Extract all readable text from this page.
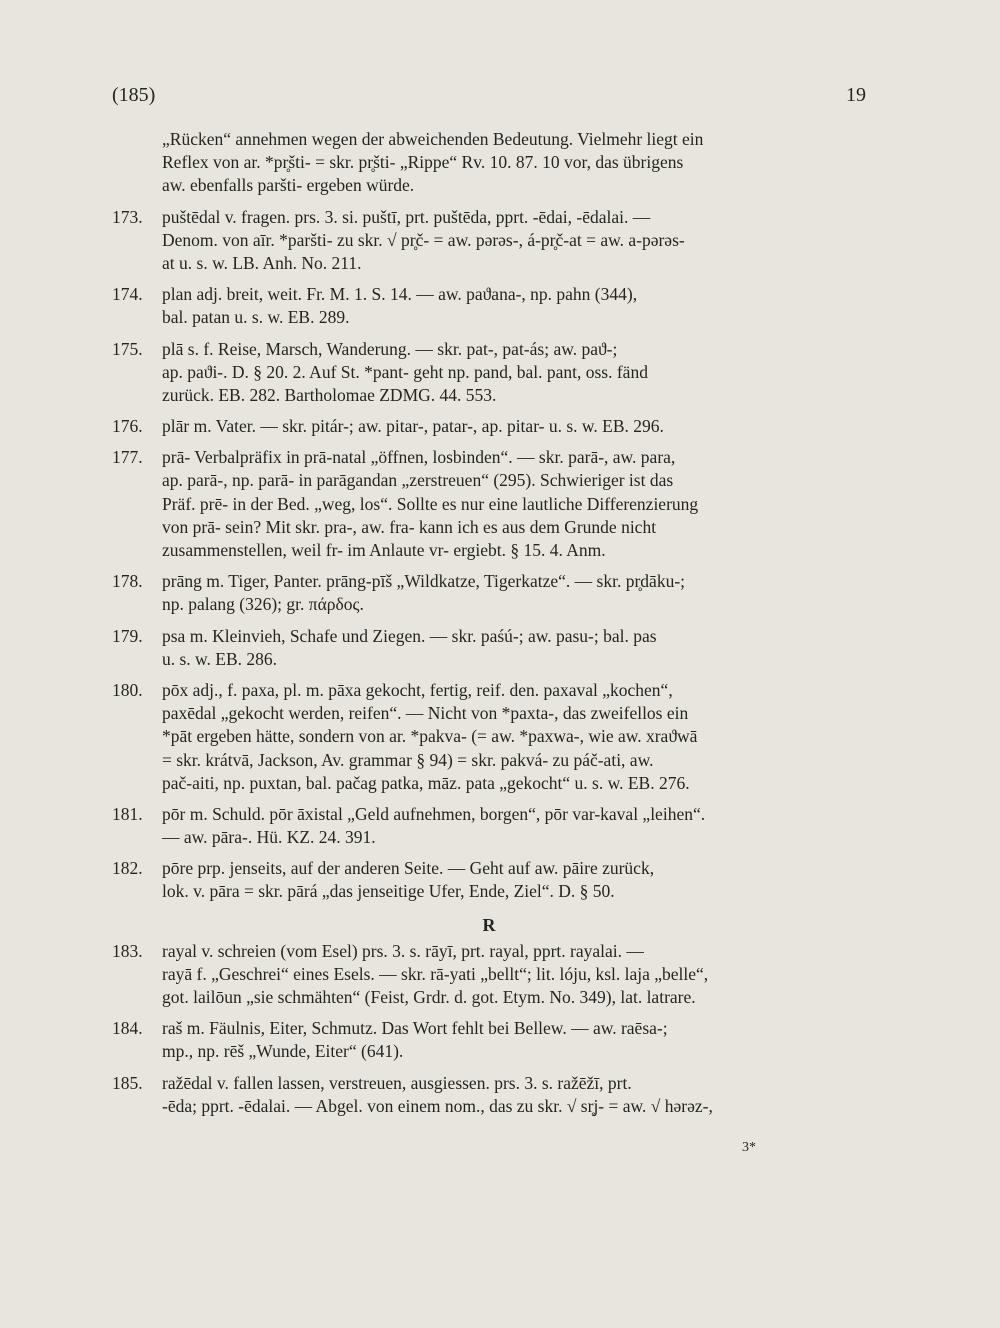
(185)	19
„Rücken“ annehmen wegen der abweichenden Bedeutung. Vielmehr liegt ein
Reflex von ar. *pr̥šti- = skr. pr̥šti- „Rippe“ Rv. 10. 87. 10 vor, das übrigens
aw. ebenfalls paršti- ergeben würde.
173. puštēdal v. fragen. prs. 3. si. puštī, prt. puštēda, pprt. -ēdai, -ēdalai. —
Denom. von aīr. *paršti- zu skr. √ pr̥č- = aw. pərəs-, á-pr̥č-at = aw. a-pərəs-
at u. s. w. LB. Anh. No. 211.
174. plan adj. breit, weit. Fr. M. 1. S. 14. — aw. paϑana-, np. pahn (344),
bal. patan u. s. w. EB. 289.
175. plā s. f. Reise, Marsch, Wanderung. — skr. pat-, pat-ás; aw. paϑ-;
ap. paϑi-. D. § 20. 2. Auf St. *pant- geht np. pand, bal. pant, oss. fänd
zurück. EB. 282. Bartholomae ZDMG. 44. 553.
176. plār m. Vater. — skr. pitár-; aw. pitar-, patar-, ap. pitar- u. s. w. EB. 296.
177. prā- Verbalpräfix in prā-natal „öffnen, losbinden“. — skr. parā-, aw. para,
ap. parā-, np. parā- in parāgandan „zerstreuen“ (295). Schwieriger ist das
Präf. prē- in der Bed. „weg, los“. Sollte es nur eine lautliche Differenzierung
von prā- sein? Mit skr. pra-, aw. fra- kann ich es aus dem Grunde nicht
zusammenstellen, weil fr- im Anlaute vr- ergiebt. § 15. 4. Anm.
178. prāng m. Tiger, Panter. prāng-pīš „Wildkatze, Tigerkatze“. — skr. pr̥dāku-;
np. palang (326); gr. πάρδος.
179. psa m. Kleinvieh, Schafe und Ziegen. — skr. paśú-; aw. pasu-; bal. pas
u. s. w. EB. 286.
180. pōx adj., f. paxa, pl. m. pāxa gekocht, fertig, reif. den. paxaval „kochen“,
paxēdal „gekocht werden, reifen“. — Nicht von *paxta-, das zweifellos ein
*pāt ergeben hätte, sondern von ar. *pakva- (= aw. *paxwa-, wie aw. xraϑwā
= skr. krátvā, Jackson, Av. grammar § 94) = skr. pakvá- zu páč-ati, aw.
pač-aiti, np. puxtan, bal. pačag patka, māz. pata „gekocht“ u. s. w. EB. 276.
181. pōr m. Schuld. pōr āxistal „Geld aufnehmen, borgen“, pōr var-kaval „leihen“.
— aw. pāra-. Hü. KZ. 24. 391.
182. pōre prp. jenseits, auf der anderen Seite. — Geht auf aw. pāire zurück,
lok. v. pāra = skr. pārá „das jenseitige Ufer, Ende, Ziel“. D. § 50.
R
183. rayal v. schreien (vom Esel) prs. 3. s. rāyī, prt. rayal, pprt. rayalai. —
rayā f. „Geschrei“ eines Esels. — skr. rā-yati „bellt“; lit. lóju, ksl. laja „belle“,
got. lailōun „sie schmähten“ (Feist, Grdr. d. got. Etym. No. 349), lat. latrare.
184. raš m. Fäulnis, Eiter, Schmutz. Das Wort fehlt bei Bellew. — aw. raēsa-;
mp., np. rēš „Wunde, Eiter“ (641).
185. ražēdal v. fallen lassen, verstreuen, ausgiessen. prs. 3. s. ražēžī, prt.
-ēda; pprt. -ēdalai. — Abgel. von einem nom., das zu skr. √ sr̥j- = aw. √ hərəz-,
3*
